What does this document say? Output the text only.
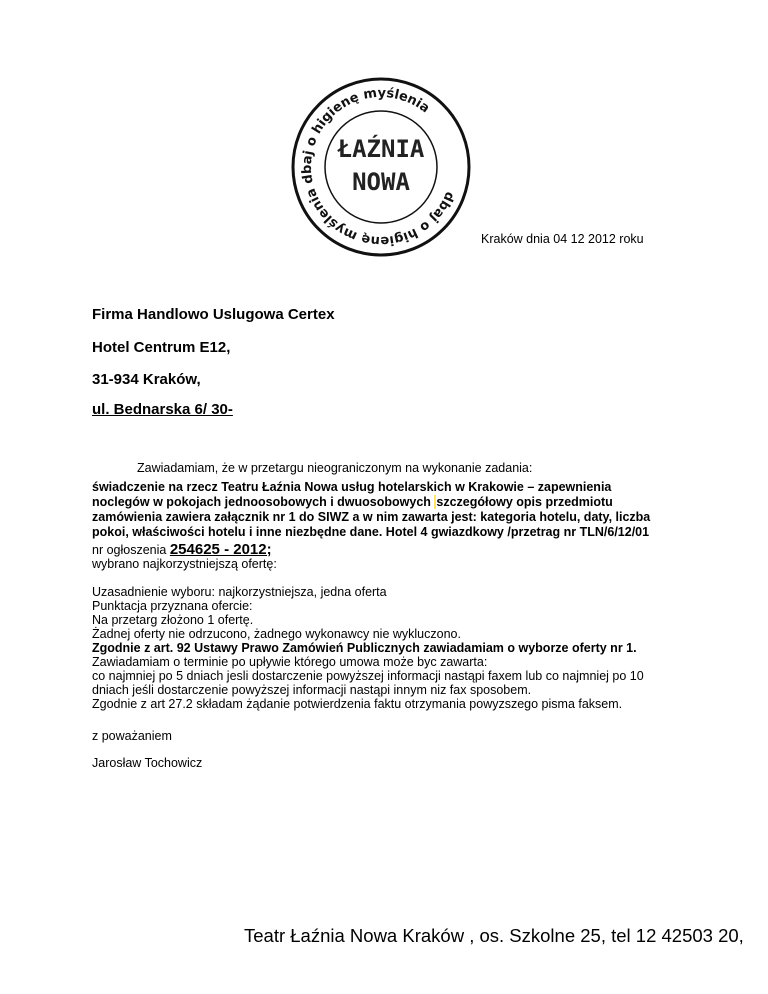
dbaj o higienę myślenia dbaj o higienę myślenia
ŁAŹNIA
NOWA
Kraków dnia 04 12 2012 roku
Firma Handlowo Uslugowa Certex
Hotel Centrum E12,
31-934 Kraków,
ul. Bednarska 6/ 30-
Zawiadamiam, że w przetargu nieograniczonym na wykonanie zadania:
świadczenie na rzecz Teatru Łaźnia Nowa usług hotelarskich w Krakowie – zapewnienia
noclegów w pokojach jednoosobowych i dwuosobowych szczegółowy opis przedmiotu
zamówienia zawiera załącznik nr 1 do SIWZ a w nim zawarta jest: kategoria hotelu, daty, liczba
pokoi, właściwości hotelu i inne niezbędne dane. Hotel 4 gwiazdkowy /przetrag nr TLN/6/12/01
nr ogłoszenia 254625 - 2012;
wybrano najkorzystniejszą ofertę:
Uzasadnienie wyboru: najkorzystniejsza, jedna oferta
Punktacja przyznana ofercie:
Na przetarg złożono 1 ofertę.
Żadnej oferty nie odrzucono, żadnego wykonawcy nie wykluczono.
Zgodnie z art. 92 Ustawy Prawo Zamówień Publicznych zawiadamiam o wyborze oferty nr 1.
Zawiadamiam o terminie po upływie którego umowa może byc zawarta:
co najmniej po 5 dniach jesli dostarczenie powyższej informacji nastąpi faxem lub co najmniej po 10
dniach jeśli dostarczenie powyższej informacji nastąpi innym niz fax sposobem.
Zgodnie z art 27.2 składam żądanie potwierdzenia faktu otrzymania powyzszego pisma faksem.
z poważaniem
Jarosław Tochowicz
Teatr Łaźnia Nowa Kraków , os. Szkolne 25, tel 12 42503 20,
